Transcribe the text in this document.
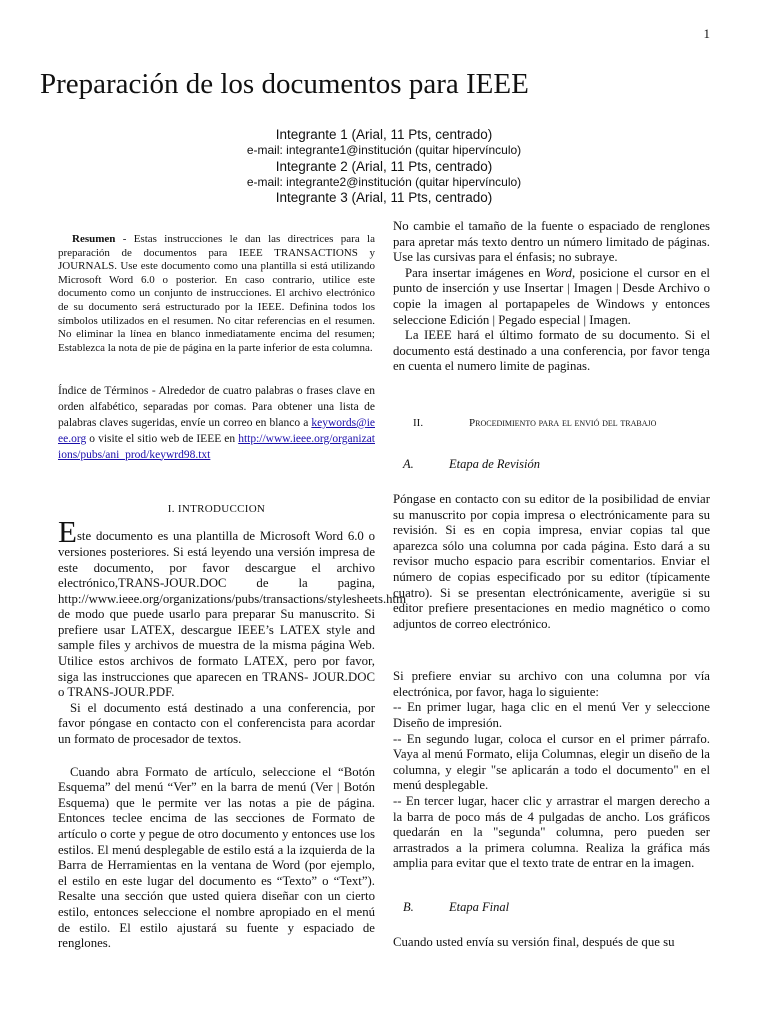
1
Preparación de los documentos para IEEE
Integrante 1 (Arial, 11 Pts, centrado)
e-mail: integrante1@institución (quitar hipervínculo)
Integrante 2 (Arial, 11 Pts, centrado)
e-mail: integrante2@institución (quitar hipervínculo)
Integrante 3 (Arial, 11 Pts, centrado)

Resumen - Estas instrucciones le dan las directrices para la preparación de documentos para IEEE TRANSACTIONS y JOURNALS. Use este documento como una plantilla si está utilizando Microsoft Word 6.0 o posterior. En caso contrario, utilice este documento como un conjunto de instrucciones. El archivo electrónico de su documento será estructurado por la IEEE. Definina todos los símbolos utilizados en el resumen. No citar referencias en el resumen. No eliminar la línea en blanco inmediatamente encima del resumen; Establezca la nota de pie de página en la parte inferior de esta columna.

Índice de Términos - Alrededor de cuatro palabras o frases clave en orden alfabético, separadas por comas. Para obtener una lista de palabras claves sugeridas, envíe un correo en blanco a keywords@ieee.org o visite el sitio web de IEEE en http://www.ieee.org/organizations/pubs/ani_prod/keywrd98.txt

I. INTRODUCCION

Este documento es una plantilla de Microsoft Word 6.0 o versiones posteriores. Si está leyendo una versión impresa de este documento, por favor descargue el archivo electrónico,TRANS-JOUR.DOC de la pagina, http://www.ieee.org/organizations/pubs/transactions/stylesheets.htm de modo que puede usarlo para preparar Su manuscrito. Si prefiere usar LATEX, descargue IEEE’s LATEX style and sample files y archivos de muestra de la misma página Web. Utilice estos archivos de formato LATEX, pero por favor, siga las instrucciones que aparecen en TRANS- JOUR.DOC o TRANS-JOUR.PDF.

Si el documento está destinado a una conferencia, por favor póngase en contacto con el conferencista para acordar un formato de procesador de textos.

Cuando abra Formato de artículo, seleccione el “Botón Esquema” del menú “Ver” en la barra de menú (Ver | Botón Esquema) que le permite ver las notas a pie de página. Entonces teclee encima de las secciones de Formato de artículo o corte y pegue de otro documento y entonces use los estilos. El menú desplegable de estilo está a la izquierda de la Barra de Herramientas en la ventana de Word (por ejemplo, el estilo en este lugar del documento es “Texto” o “Text”). Resalte una sección que usted quiera diseñar con un cierto estilo, entonces seleccione el nombre apropiado en el menú de estilo. El estilo ajustará su fuente y espaciado de renglones.

No cambie el tamaño de la fuente o espaciado de renglones para apretar más texto dentro un número limitado de páginas. Use las cursivas para el énfasis; no subraye.

Para insertar imágenes en Word, posicione el cursor en el punto de inserción y use Insertar | Imagen | Desde Archivo o copie la imagen al portapapeles de Windows y entonces seleccione Edición | Pegado especial | Imagen.

La IEEE hará el último formato de su documento. Si el documento está destinado a una conferencia, por favor tenga en cuenta el numero limite de paginas.

II.	Procedimiento para el envió del trabajo
A.	Etapa de Revisión

Póngase en contacto con su editor de la posibilidad de enviar su manuscrito por copia impresa o electrónicamente para su revisión. Si es en copia impresa, enviar copias tal que aparezca sólo una columna por cada página. Esto dará a su revisor mucho espacio para escribir comentarios. Enviar el número de copias especificado por su editor (típicamente cuatro). Si se presentan electrónicamente, averigüe si su editor prefiere presentaciones en medio magnético o como adjuntos de correo electrónico.

Si prefiere enviar su archivo con una columna por vía electrónica, por favor, haga lo siguiente:

-- En primer lugar, haga clic en el menú Ver y seleccione Diseño de impresión.

-- En segundo lugar, coloca el cursor en el primer párrafo. Vaya al menú Formato, elija Columnas, elegir un diseño de la columna, y elegir "se aplicarán a todo el documento" en el menú desplegable.

-- En tercer lugar, hacer clic y arrastrar el margen derecho a la barra de poco más de 4 pulgadas de ancho. Los gráficos quedarán en la "segunda" columna, pero pueden ser arrastrados a la primera columna. Realiza la gráfica más amplia para evitar que el texto trate de entrar en la imagen.

B.	Etapa Final

Cuando usted envía su versión final, después de que su
